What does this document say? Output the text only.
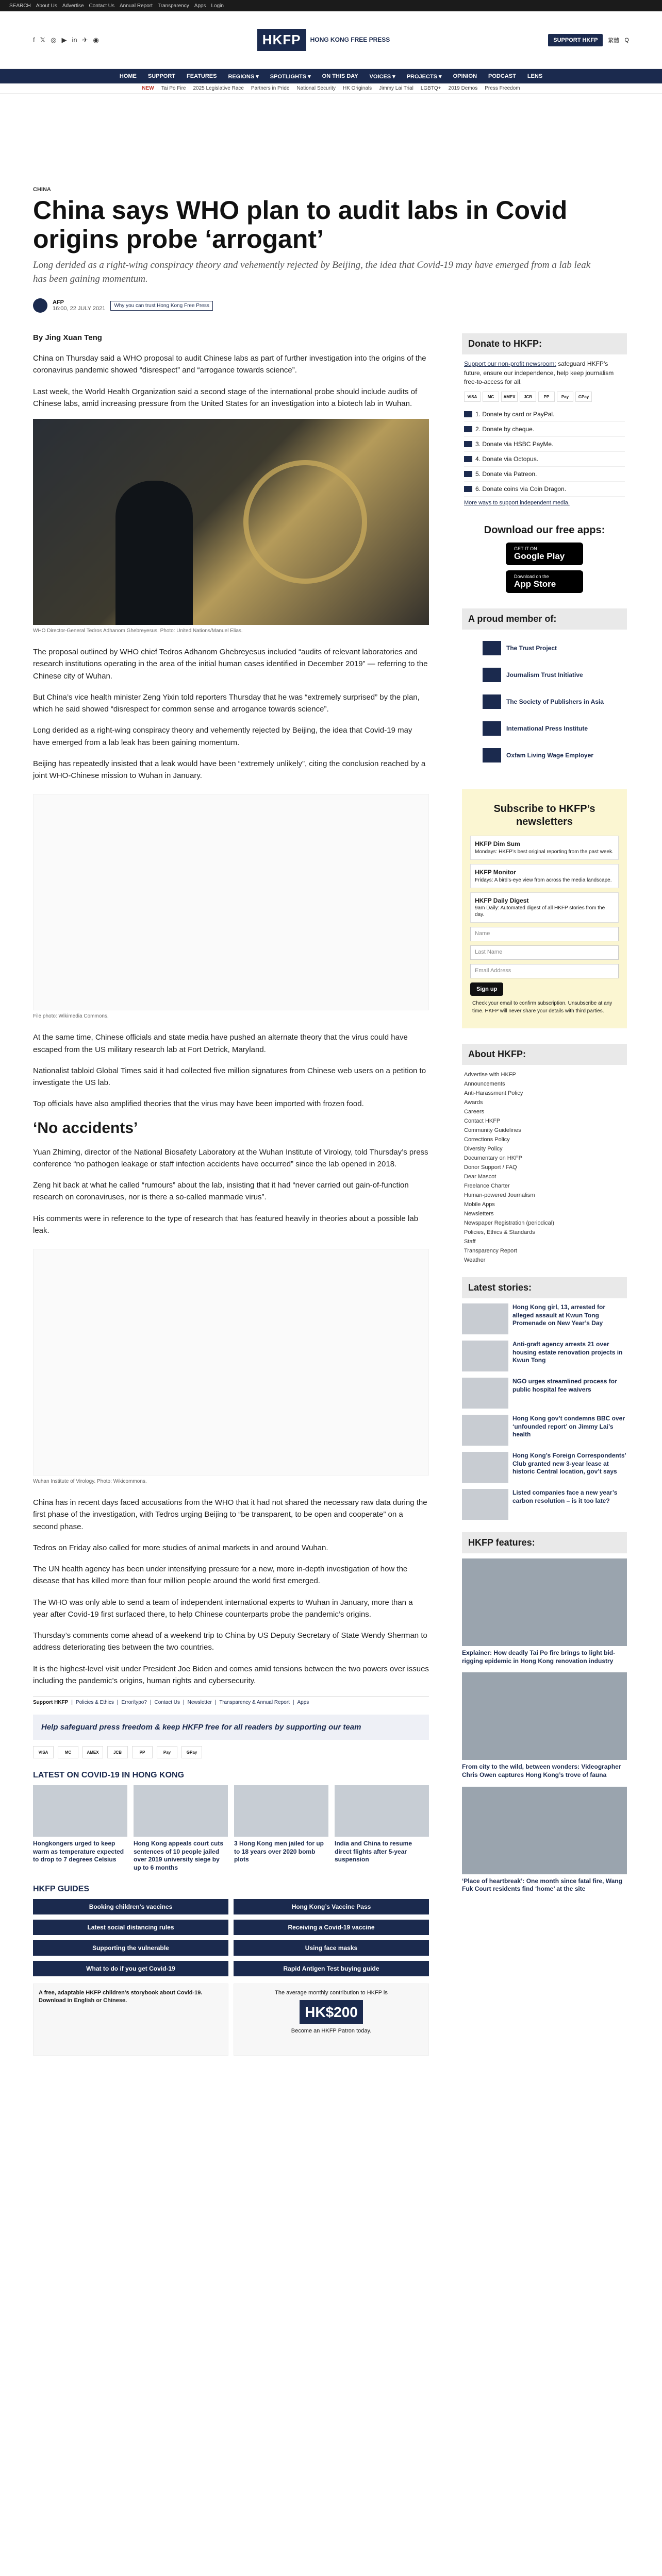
SEARCH About Us Advertise Contact Us Annual Report Transparency Apps Login
f 𝕏 ◎ ▶ in ✈ ◉	HKFP	HONG KONG FREE PRESS	SUPPORT HKFP	繁體 Q
HOME SUPPORT FEATURES REGIONS ▾ SPOTLIGHTS ▾ ON THIS DAY VOICES ▾ PROJECTS ▾ OPINION PODCAST LENS
NEW Tai Po Fire 2025 Legislative Race Partners in Pride National Security HK Originals Jimmy Lai Trial LGBTQ+ 2019 Demos Press Freedom
CHINA
China says WHO plan to audit labs in Covid origins probe ‘arrogant’

Long derided as a right-wing conspiracy theory and vehemently rejected by Beijing, the idea that Covid-19 may have emerged from a lab leak has been gaining momentum.

AFP
16:00, 22 JULY 2021	Why you can trust Hong Kong Free Press
By Jing Xuan Teng

China on Thursday said a WHO proposal to audit Chinese labs as part of further investigation into the origins of the coronavirus pandemic showed “disrespect” and “arrogance towards science”.

Last week, the World Health Organization said a second stage of the international probe should include audits of Chinese labs, amid increasing pressure from the United States for an investigation into a biotech lab in Wuhan.

WHO Director-General Tedros Adhanom Ghebreyesus. Photo: United Nations/Manuel Elias.

The proposal outlined by WHO chief Tedros Adhanom Ghebreyesus included “audits of relevant laboratories and research institutions operating in the area of the initial human cases identified in December 2019” — referring to the Chinese city of Wuhan.

But China’s vice health minister Zeng Yixin told reporters Thursday that he was “extremely surprised” by the plan, which he said showed “disrespect for common sense and arrogance towards science”.

Long derided as a right-wing conspiracy theory and vehemently rejected by Beijing, the idea that Covid-19 may have emerged from a lab leak has been gaining momentum.

Beijing has repeatedly insisted that a leak would have been “extremely unlikely”, citing the conclusion reached by a joint WHO-Chinese mission to Wuhan in January.

File photo: Wikimedia Commons.

At the same time, Chinese officials and state media have pushed an alternate theory that the virus could have escaped from the US military research lab at Fort Detrick, Maryland.

Nationalist tabloid Global Times said it had collected five million signatures from Chinese web users on a petition to investigate the US lab.

Top officials have also amplified theories that the virus may have been imported with frozen food.

‘No accidents’

Yuan Zhiming, director of the National Biosafety Laboratory at the Wuhan Institute of Virology, told Thursday’s press conference “no pathogen leakage or staff infection accidents have occurred” since the lab opened in 2018.

Zeng hit back at what he called “rumours” about the lab, insisting that it had “never carried out gain-of-function research on coronaviruses, nor is there a so-called manmade virus”.

His comments were in reference to the type of research that has featured heavily in theories about a possible lab leak.

Wuhan Institute of Virology. Photo: Wikicommons.

China has in recent days faced accusations from the WHO that it had not shared the necessary raw data during the first phase of the investigation, with Tedros urging Beijing to “be transparent, to be open and cooperate” on a second phase.

Tedros on Friday also called for more studies of animal markets in and around Wuhan.

The UN health agency has been under intensifying pressure for a new, more in-depth investigation of how the disease that has killed more than four million people around the world first emerged.

The WHO was only able to send a team of independent international experts to Wuhan in January, more than a year after Covid-19 first surfaced there, to help Chinese counterparts probe the pandemic’s origins.

Thursday’s comments come ahead of a weekend trip to China by US Deputy Secretary of State Wendy Sherman to address deteriorating ties between the two countries.

It is the highest-level visit under President Joe Biden and comes amid tensions between the two powers over issues including the pandemic’s origins, human rights and cybersecurity.

Support HKFP | Policies & Ethics | Error/typo? | Contact Us | Newsletter | Transparency & Annual Report | Apps
Help safeguard press freedom & keep HKFP free for all readers by supporting our team
VISA	MC	AMEX	JCB	PP	Pay	GPay
LATEST ON COVID-19 IN HONG KONG
Hongkongers urged to keep warm as temperature expected to drop to 7 degrees Celsius
Hong Kong appeals court cuts sentences of 10 people jailed over 2019 university siege by up to 6 months
3 Hong Kong men jailed for up to 18 years over 2020 bomb plots
India and China to resume direct flights after 5-year suspension
HKFP GUIDES
Booking children’s vaccines	Hong Kong’s Vaccine Pass
Latest social distancing rules	Receiving a Covid-19 vaccine
Supporting the vulnerable	Using face masks
What to do if you get Covid-19	Rapid Antigen Test buying guide
A free, adaptable HKFP children’s storybook about Covid-19. Download in English or Chinese.
The average monthly contribution to HKFP is
HK$200
Become an HKFP Patron today.
Donate to HKFP:
Support our non-profit newsroom: safeguard HKFP’s future, ensure our independence, help keep journalism free-to-access for all.
VISA	MC	AMEX	JCB	PP	Pay	GPay
1. Donate by card or PayPal.
2. Donate by cheque.
3. Donate via HSBC PayMe.
4. Donate via Octopus.
5. Donate via Patreon.
6. Donate coins via Coin Dragon.
More ways to support independent media.
Download our free apps:
GET IT ON
Google Play
Download on the
App Store
A proud member of:
The Trust Project
Journalism Trust Initiative
The Society of Publishers in Asia
International Press Institute
Oxfam Living Wage Employer
Subscribe to HKFP’s newsletters
HKFP Dim Sum
Mondays: HKFP’s best original reporting from the past week.
HKFP Monitor
Fridays: A bird’s-eye view from across the media landscape.
HKFP Daily Digest
9am Daily: Automated digest of all HKFP stories from the day.
Name
Last Name
Email Address
Sign up
Check your email to confirm subscription. Unsubscribe at any time. HKFP will never share your details with third parties.
About HKFP:
Advertise with HKFP
Announcements
Anti-Harassment Policy
Awards
Careers
Contact HKFP
Community Guidelines
Corrections Policy
Diversity Policy
Documentary on HKFP
Donor Support / FAQ
Dear Mascot
Freelance Charter
Human-powered Journalism
Mobile Apps
Newsletters
Newspaper Registration (periodical)
Policies, Ethics & Standards
Staff
Transparency Report
Weather
Latest stories:
Hong Kong girl, 13, arrested for alleged assault at Kwun Tong Promenade on New Year’s Day
Anti-graft agency arrests 21 over housing estate renovation projects in Kwun Tong
NGO urges streamlined process for public hospital fee waivers
Hong Kong gov’t condemns BBC over ‘unfounded report’ on Jimmy Lai’s health
Hong Kong’s Foreign Correspondents’ Club granted new 3-year lease at historic Central location, gov’t says
Listed companies face a new year’s carbon resolution – is it too late?
HKFP features:
Explainer: How deadly Tai Po fire brings to light bid-rigging epidemic in Hong Kong renovation industry
From city to the wild, between wonders: Videographer Chris Owen captures Hong Kong’s trove of fauna
‘Place of heartbreak’: One month since fatal fire, Wang Fuk Court residents find ‘home’ at the site
